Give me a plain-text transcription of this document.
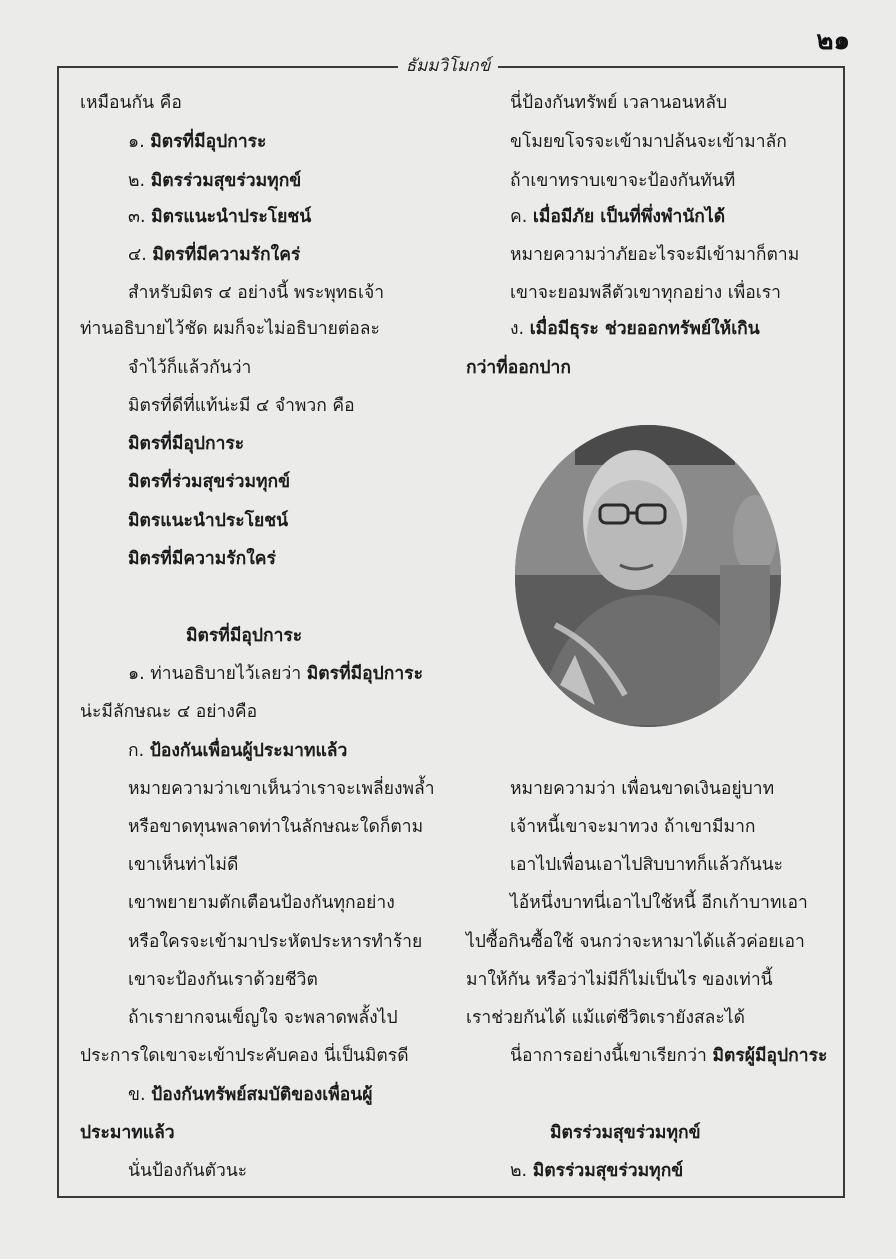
๒๑
ธัมมวิโมกข์
เหมือนกัน คือ
๑. มิตรที่มีอุปการะ
๒. มิตรร่วมสุขร่วมทุกข์
๓. มิตรแนะนำประโยชน์
๔. มิตรที่มีความรักใคร่
สำหรับมิตร ๔ อย่างนี้ พระพุทธเจ้า
ท่านอธิบายไว้ชัด ผมก็จะไม่อธิบายต่อละ
จำไว้ก็แล้วกันว่า
มิตรที่ดีที่แท้น่ะมี ๔ จำพวก คือ
มิตรที่มีอุปการะ
มิตรที่ร่วมสุขร่วมทุกข์
มิตรแนะนำประโยชน์
มิตรที่มีความรักใคร่
มิตรที่มีอุปการะ
๑. ท่านอธิบายไว้เลยว่า มิตรที่มีอุปการะ
น่ะมีลักษณะ ๔ อย่างคือ
ก. ป้องกันเพื่อนผู้ประมาทแล้ว
หมายความว่าเขาเห็นว่าเราจะเพลี่ยงพล้ำ
หรือขาดทุนพลาดท่าในลักษณะใดก็ตาม
เขาเห็นท่าไม่ดี
เขาพยายามตักเตือนป้องกันทุกอย่าง
หรือใครจะเข้ามาประหัตประหารทำร้าย
เขาจะป้องกันเราด้วยชีวิต
ถ้าเรายากจนเข็ญใจ จะพลาดพลั้งไป
ประการใดเขาจะเข้าประคับคอง นี่เป็นมิตรดี
ข. ป้องกันทรัพย์สมบัติของเพื่อนผู้
ประมาทแล้ว
นั่นป้องกันตัวนะ
นี่ป้องกันทรัพย์ เวลานอนหลับ
ขโมยขโจรจะเข้ามาปล้นจะเข้ามาลัก
ถ้าเขาทราบเขาจะป้องกันทันที
ค. เมื่อมีภัย เป็นที่พึ่งพำนักได้
หมายความว่าภัยอะไรจะมีเข้ามาก็ตาม
เขาจะยอมพลีตัวเขาทุกอย่าง เพื่อเรา
ง. เมื่อมีธุระ ช่วยออกทรัพย์ให้เกิน
กว่าที่ออกปาก
หมายความว่า เพื่อนขาดเงินอยู่บาท
เจ้าหนี้เขาจะมาทวง ถ้าเขามีมาก
เอาไปเพื่อนเอาไปสิบบาทก็แล้วกันนะ
ไอ้หนึ่งบาทนี่เอาไปใช้หนี้ อีกเก้าบาทเอา
ไปซื้อกินซื้อใช้ จนกว่าจะหามาได้แล้วค่อยเอา
มาให้กัน หรือว่าไม่มีก็ไม่เป็นไร ของเท่านี้
เราช่วยกันได้ แม้แต่ชีวิตเรายังสละได้
นี่อาการอย่างนี้เขาเรียกว่า มิตรผู้มีอุปการะ
มิตรร่วมสุขร่วมทุกข์
๒. มิตรร่วมสุขร่วมทุกข์
